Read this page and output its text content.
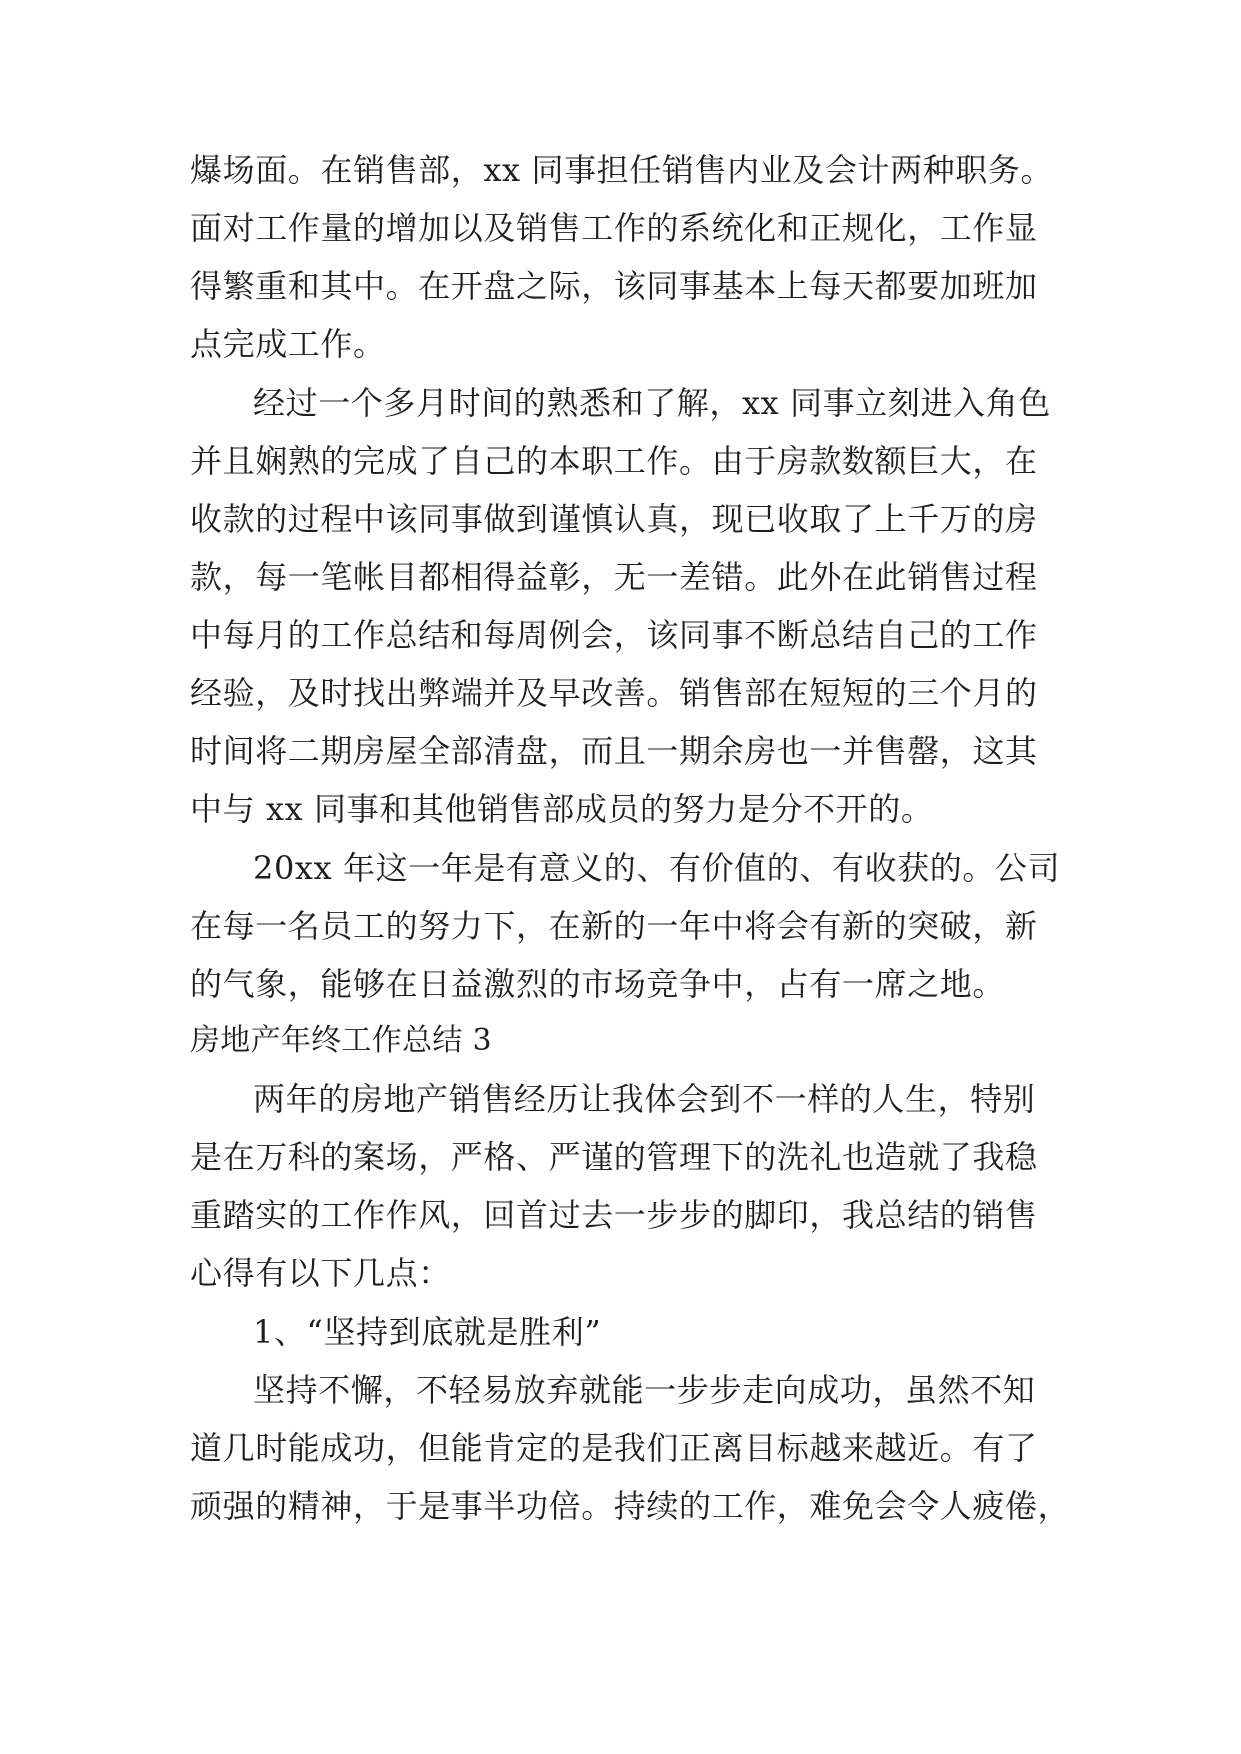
爆场面。在销售部，xx 同事担任销售内业及会计两种职务。
面对工作量的增加以及销售工作的系统化和正规化，工作显
得繁重和其中。在开盘之际，该同事基本上每天都要加班加
点完成工作。
经过一个多月时间的熟悉和了解，xx 同事立刻进入角色
并且娴熟的完成了自己的本职工作。由于房款数额巨大，在
收款的过程中该同事做到谨慎认真，现已收取了上千万的房
款，每一笔帐目都相得益彰，无一差错。此外在此销售过程
中每月的工作总结和每周例会，该同事不断总结自己的工作
经验，及时找出弊端并及早改善。销售部在短短的三个月的
时间将二期房屋全部清盘，而且一期余房也一并售罄，这其
中与 xx 同事和其他销售部成员的努力是分不开的。
20xx 年这一年是有意义的、有价值的、有收获的。公司
在每一名员工的努力下，在新的一年中将会有新的突破，新
的气象，能够在日益激烈的市场竞争中，占有一席之地。
房地产年终工作总结 3
两年的房地产销售经历让我体会到不一样的人生，特别
是在万科的案场，严格、严谨的管理下的洗礼也造就了我稳
重踏实的工作作风，回首过去一步步的脚印，我总结的销售
心得有以下几点：
1、“坚持到底就是胜利”
坚持不懈，不轻易放弃就能一步步走向成功，虽然不知
道几时能成功，但能肯定的是我们正离目标越来越近。有了
顽强的精神，于是事半功倍。持续的工作，难免会令人疲倦，
